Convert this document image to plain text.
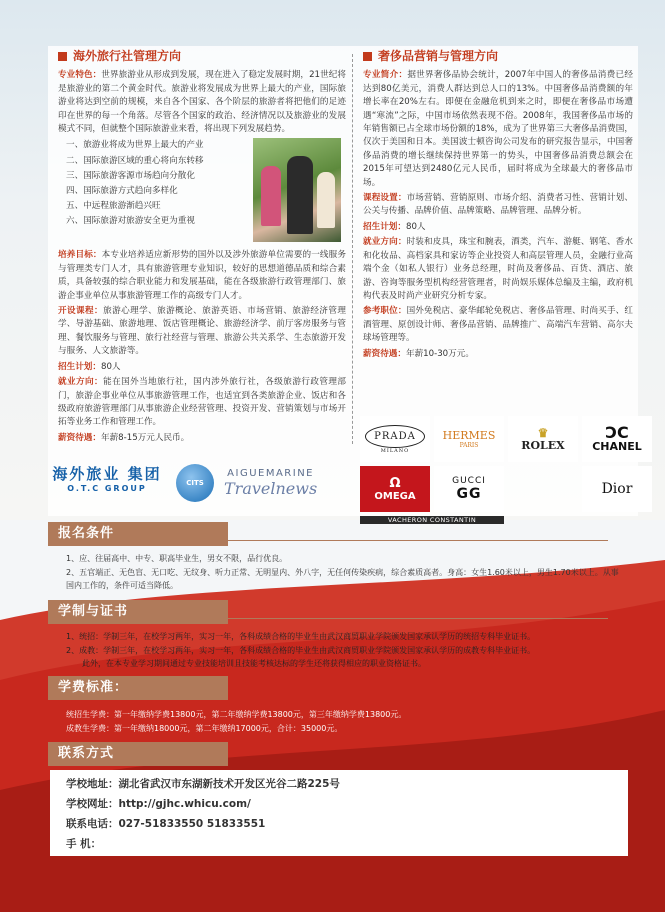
海外旅行社管理方向

专业特色：世界旅游业从形成到发展，现在进入了稳定发展时期，21世纪将是旅游业的第二个黄金时代。旅游业将发展成为世界上最大的产业，国际旅游业将达到空前的规模，来自各个国家、各个阶层的旅游者将把他们的足迹印在世界的每一个角落。尽管各个国家的政治、经济情况以及旅游业的发展模式不同，但就整个国际旅游业来看，将出现下列发展趋势。

一、旅游业将成为世界上最大的产业
二、国际旅游区域的重心将向东转移
三、国际旅游客源市场趋向分散化
四、国际旅游方式趋向多样化
五、中远程旅游渐趋兴旺
六、国际旅游对旅游安全更为重视

培养目标：本专业培养适应新形势的国外以及涉外旅游单位需要的一线服务与管理类专门人才，具有旅游管理专业知识，较好的思想道德品质和综合素质，具备较强的综合职业能力和发展基础，能在各级旅游行政管理部门、旅游企事业单位从事旅游管理工作的高级专门人才。

开设课程：旅游心理学、旅游概论、旅游英语、市场营销、旅游经济管理学、导游基础、旅游地理、饭店管理概论、旅游经济学、前厅客房服务与管理、餐饮服务与管理、旅行社经营与管理、旅游公共关系学、生态旅游开发与服务、人文旅游等。

招生计划：80人

就业方向：能在国外当地旅行社，国内涉外旅行社，各级旅游行政管理部门，旅游企事业单位从事旅游管理工作，也适宜到各类旅游企业、饭店和各级政府旅游管理部门从事旅游企业经营管理、投资开发、营销策划与市场开拓等业务工作和管理工作。

薪资待遇：年薪8-15万元人民币。

海外旅业 集团
O.T.C GROUP
CITS
AIGUEMARINE
Travelnews
奢侈品营销与管理方向

专业简介：据世界奢侈品协会统计，2007年中国人的奢侈品消费已经达到80亿美元，消费人群达到总人口的13%。中国奢侈品消费额的年增长率在20%左右。即便在金融危机到来之时，即便在奢侈品市场遭遇“寒流”之际，中国市场依然表现不俗。2008年，我国奢侈品市场的年销售额已占全球市场份额的18%，成为了世界第三大奢侈品消费国，仅次于美国和日本。美国波士顿咨询公司发布的研究报告显示，中国奢侈品消费的增长继续保持世界第一的势头，中国奢侈品消费总额会在2015年可望达到2480亿元人民币，届时将成为全球最大的奢侈品市场。

课程设置：市场营销、营销原则、市场介绍、消费者习性、营销计划、公关与传播、品牌价值、品牌策略、品牌管理、品牌分析。

招生计划：80人

就业方向：时装和皮具，珠宝和腕表，酒类，汽车、游艇、钢笔、香水和化妆品、高档家具和家访等企业投资人和高层管理人员，金融行业高端个金（如私人银行）业务总经理，时尚及奢侈品、百货、酒店、旅游、咨询等服务型机构经营管理者，时尚娱乐媒体总编及主编，政府机构代表及时尚产业研究分析专家。

参考职位：国外免税店、豪华邮轮免税店、奢侈品管理、时尚买手、红酒管理、原创设计师、奢侈品营销、品牌推广、高端汽车营销、高尔夫球场管理等。

薪资待遇：年薪10-30万元。

PRADA
MILANO
HERMES
PARIS
♛
ROLEX
ↃC
CHANEL
Ω
OMEGA
GUCCI
GG
VACHERON CONSTANTIN
Dior
报名条件
1、应、往届高中、中专、职高毕业生，男女不限，品行优良。
2、五官端正、无色盲、无口吃、无纹身、听力正常、无明显内、外八字，无任何传染疾病，综合素质高者。身高：女生1.60米以上，男生1.70米以上。从事国内工作的，条件可适当降低。
学制与证书
1、统招：学制三年，在校学习两年，实习一年，各科成绩合格的毕业生由武汉商贸职业学院颁发国家承认学历的统招专科毕业证书。
2、成教：学制三年，在校学习两年，实习一年，各科成绩合格的毕业生由武汉商贸职业学院颁发国家承认学历的成教专科毕业证书。
此外，在本专业学习期间通过专业技能培训且技能考核达标的学生还将获得相应的职业资格证书。
学费标准：
统招生学费：第一年缴纳学费13800元，第二年缴纳学费13800元，第三年缴纳学费13800元。
成教生学费：第一年缴纳18000元，第二年缴纳17000元，合计：35000元。
联系方式
学校地址：湖北省武汉市东湖新技术开发区光谷二路225号
学校网址：http://gjhc.whicu.com/
联系电话：027-51833550 51833551
手 机：
